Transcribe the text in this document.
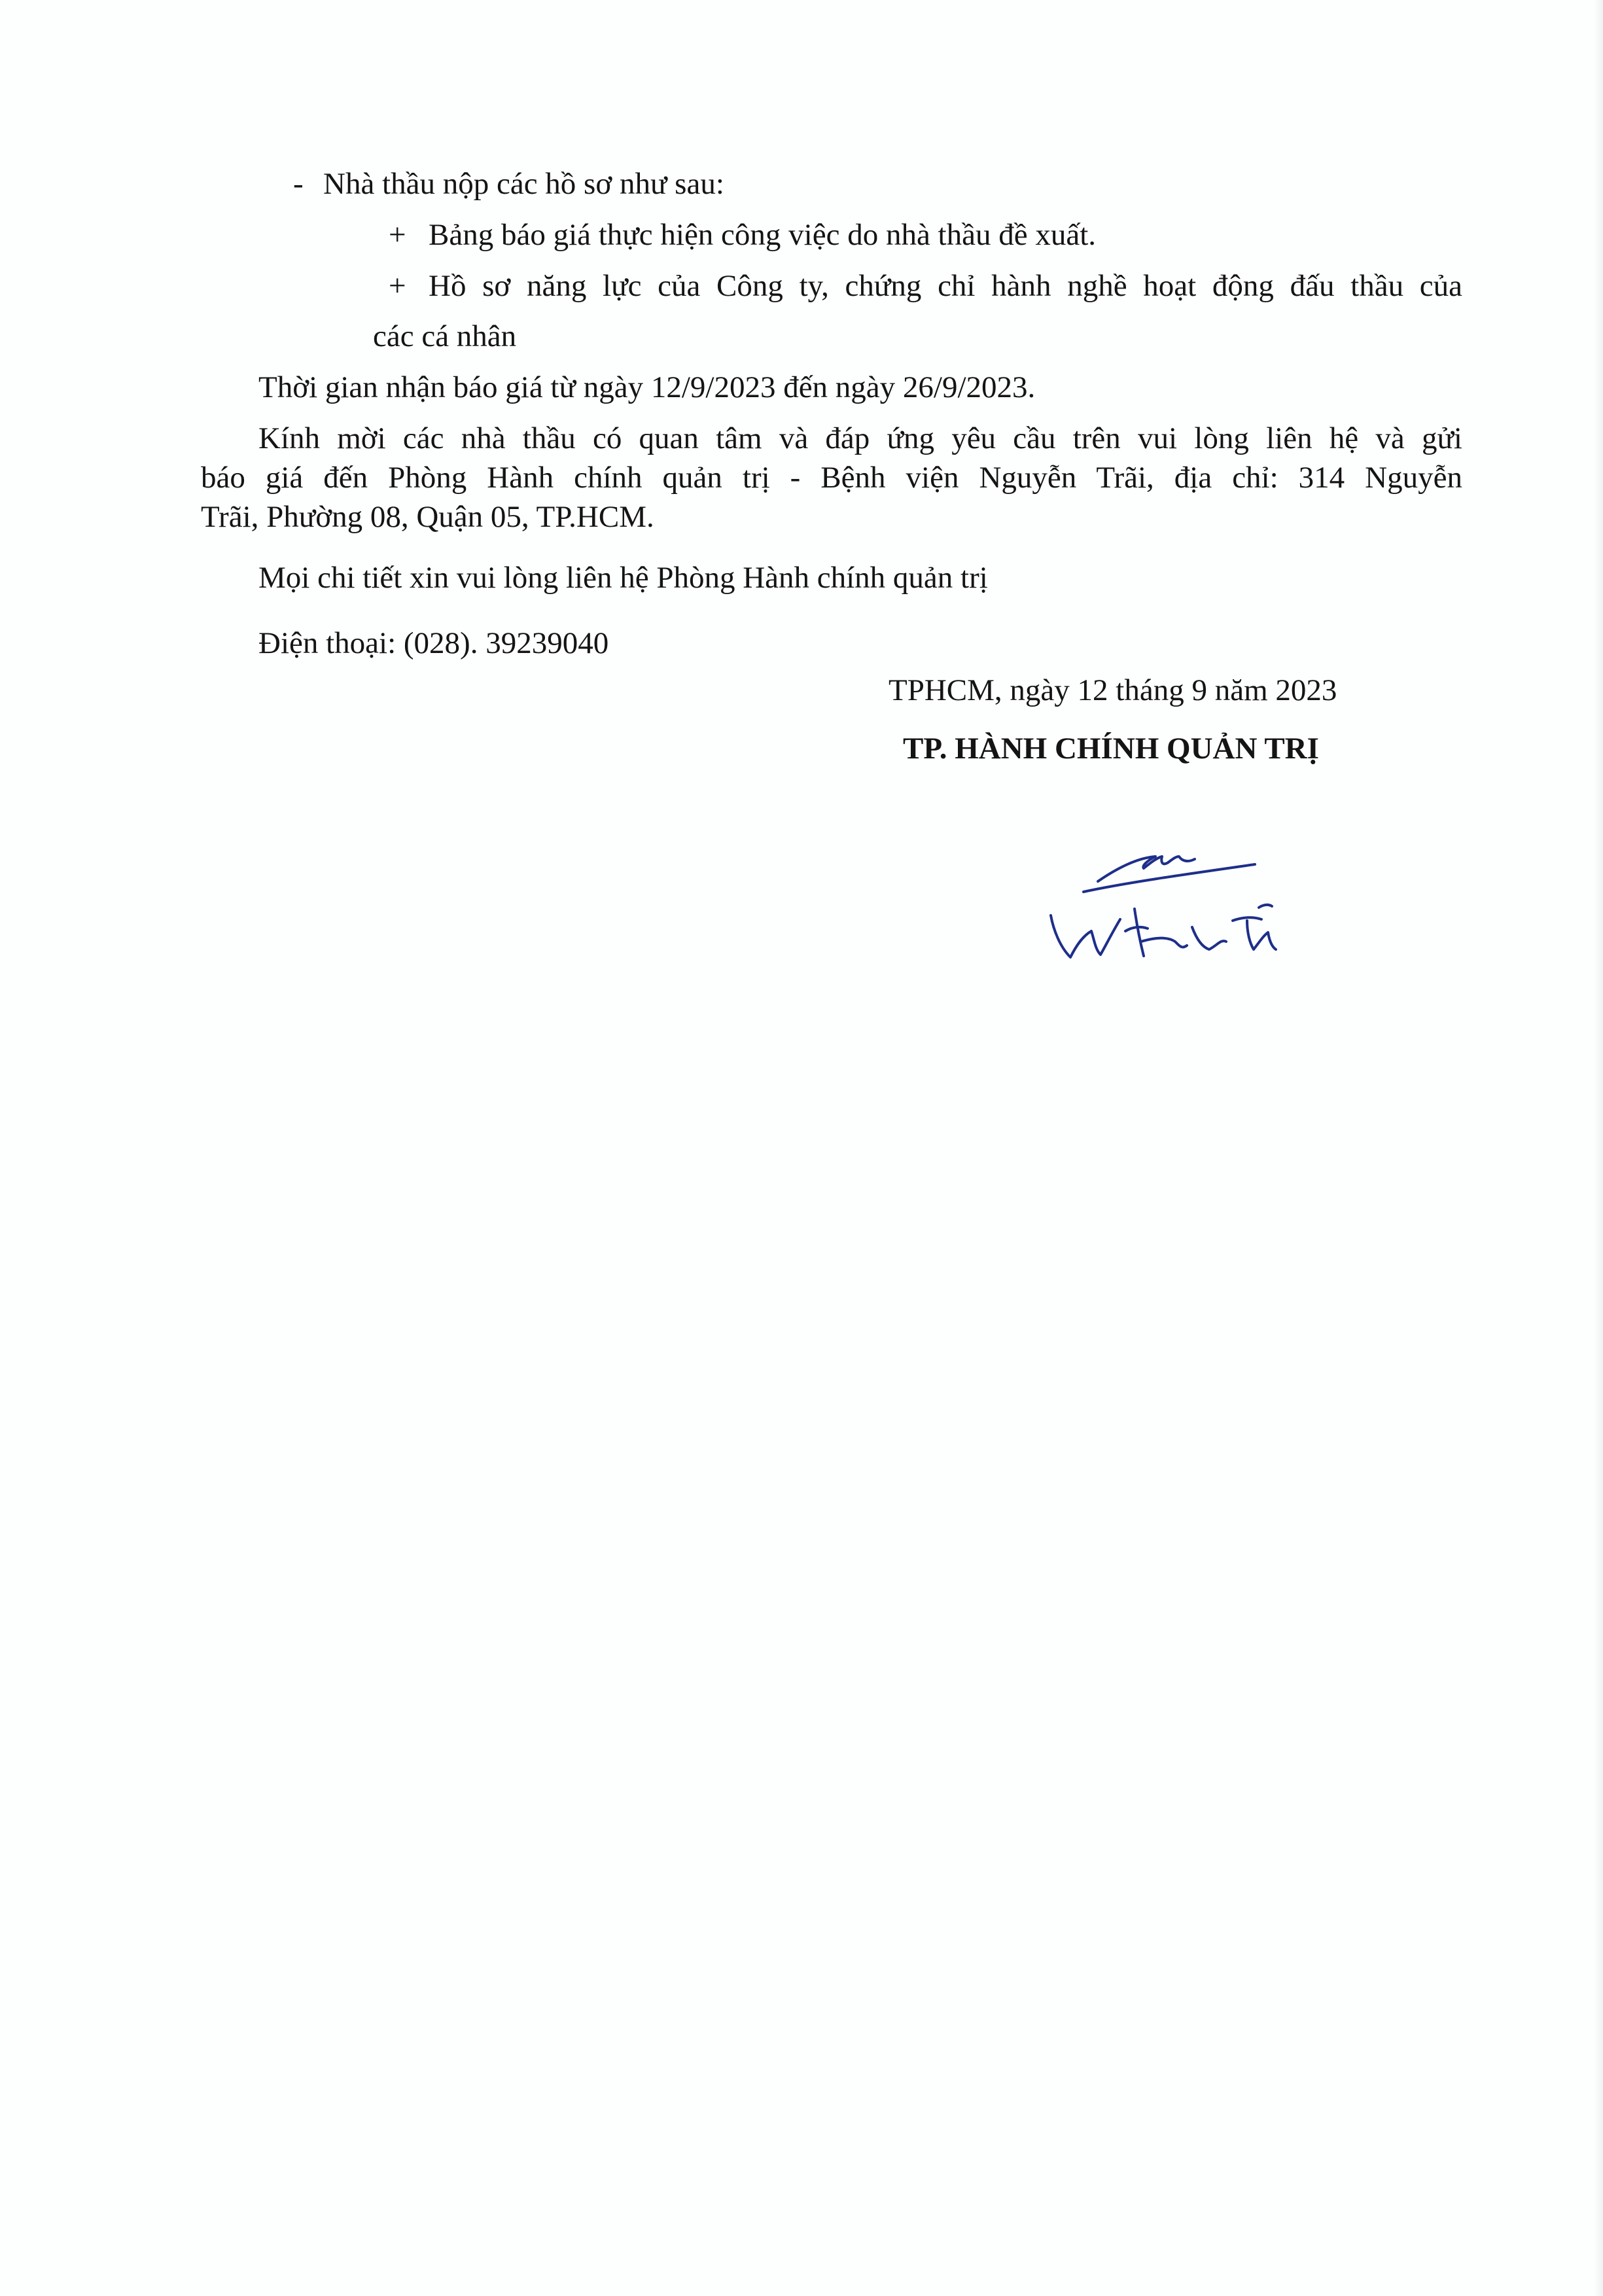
- Nhà thầu nộp các hồ sơ như sau:
+ Bảng báo giá thực hiện công việc do nhà thầu đề xuất.
+ Hồ sơ năng lực của Công ty, chứng chỉ hành nghề hoạt động đấu thầu của
các cá nhân
Thời gian nhận báo giá từ ngày 12/9/2023 đến ngày 26/9/2023.
Kính mời các nhà thầu có quan tâm và đáp ứng yêu cầu trên vui lòng liên hệ và gửi
báo giá đến Phòng Hành chính quản trị - Bệnh viện Nguyễn Trãi, địa chỉ: 314 Nguyễn
Trãi, Phường 08, Quận 05, TP.HCM.
Mọi chi tiết xin vui lòng liên hệ Phòng Hành chính quản trị
Điện thoại: (028). 39239040
TPHCM, ngày 12 tháng 9 năm 2023
TP. HÀNH CHÍNH QUẢN TRỊ
